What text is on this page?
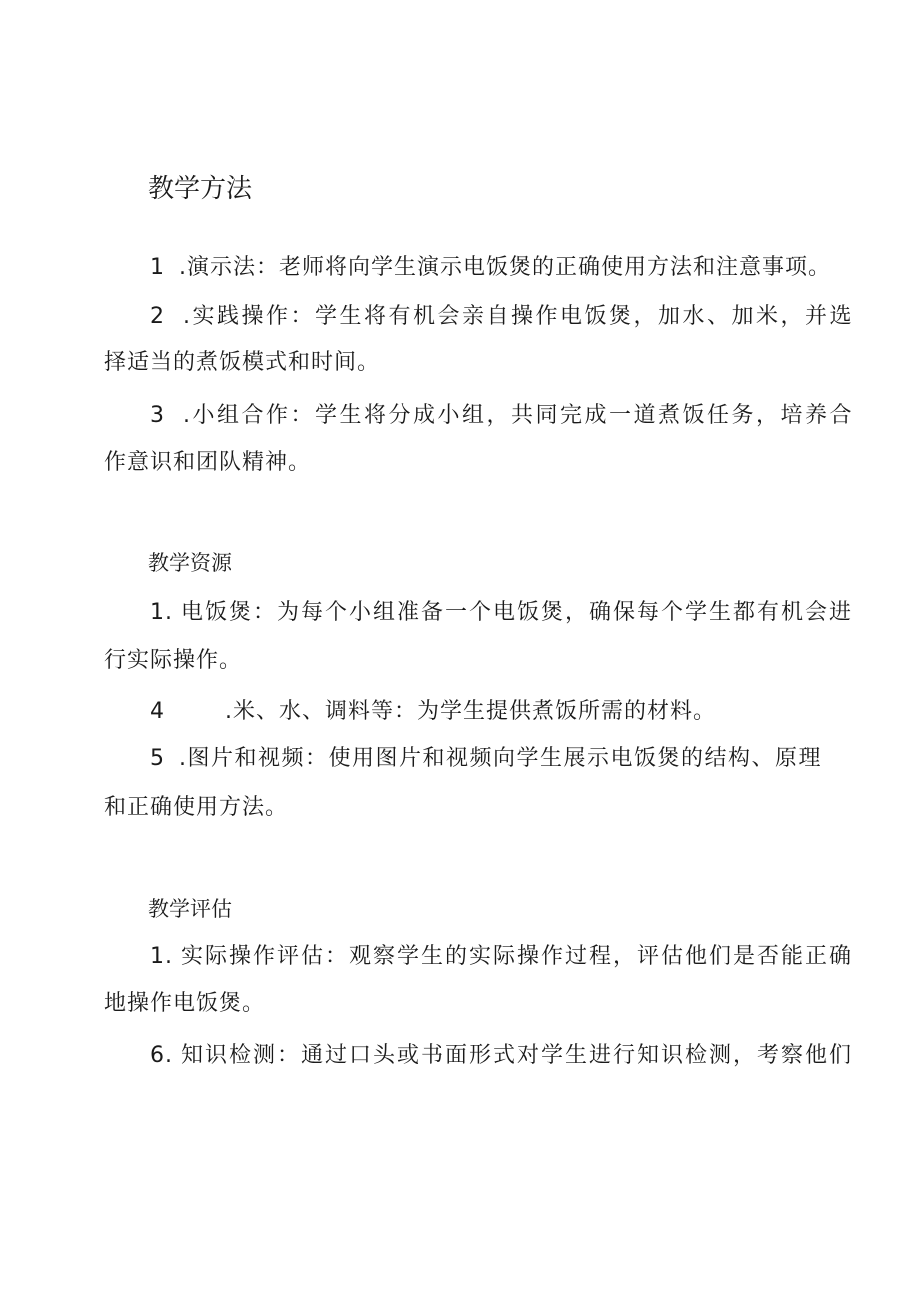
教学方法
1 .演示法：老师将向学生演示电饭煲的正确使用方法和注意事项。
2 .实践操作：学生将有机会亲自操作电饭煲，加水、加米，并选
择适当的煮饭模式和时间。
3 .小组合作：学生将分成小组，共同完成一道煮饭任务，培养合
作意识和团队精神。
教学资源
1. 电饭煲：为每个小组准备一个电饭煲，确保每个学生都有机会进
行实际操作。
4	.米、水、调料等：为学生提供煮饭所需的材料。
5 .图片和视频：使用图片和视频向学生展示电饭煲的结构、原理
和正确使用方法。
教学评估
1. 实际操作评估：观察学生的实际操作过程，评估他们是否能正确
地操作电饭煲。
6. 知识检测：通过口头或书面形式对学生进行知识检测，考察他们
